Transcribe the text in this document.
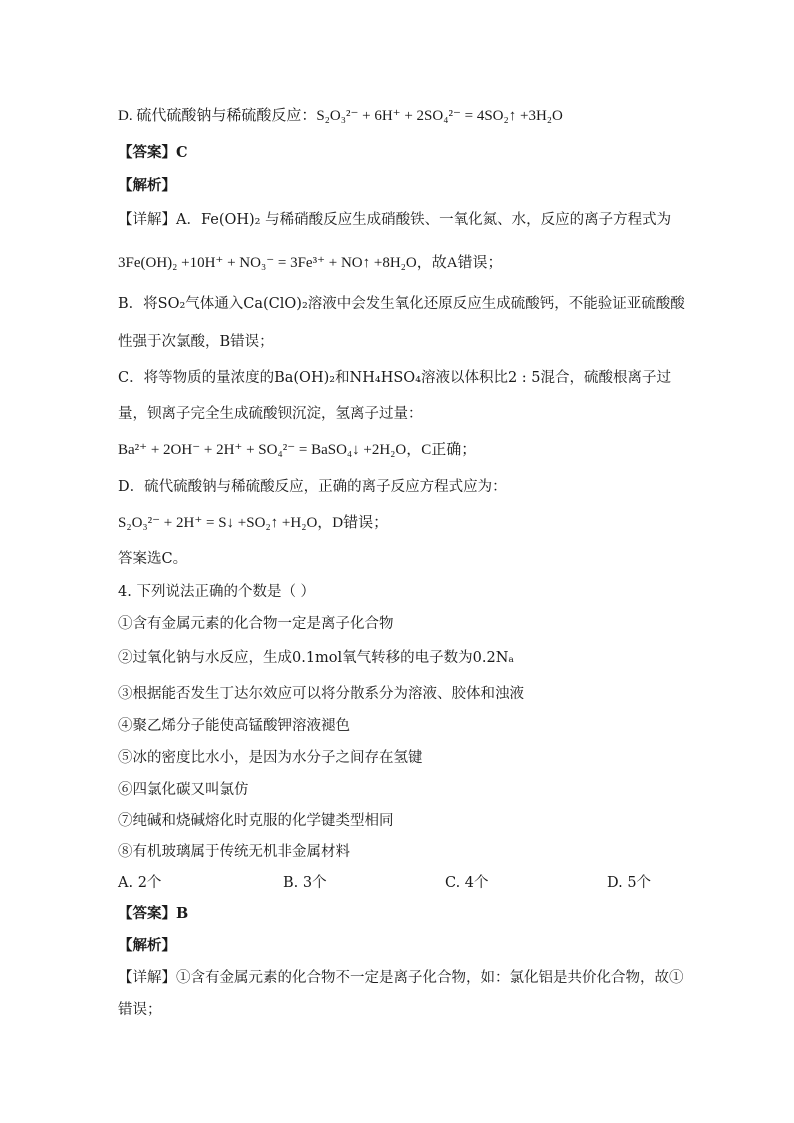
D. 硫代硫酸钠与稀硫酸反应：S₂O₃²⁻ + 6H⁺ + 2SO₄²⁻ = 4SO₂↑ +3H₂O
【答案】C
【解析】
【详解】A．Fe(OH)₂ 与稀硝酸反应生成硝酸铁、一氧化氮、水，反应的离子方程式为
3Fe(OH)₂ +10H⁺ + NO₃⁻ = 3Fe³⁺ + NO↑ +8H₂O，故A错误；
B．将SO₂气体通入Ca(ClO)₂溶液中会发生氧化还原反应生成硫酸钙，不能验证亚硫酸酸
性强于次氯酸，B错误；
C．将等物质的量浓度的Ba(OH)₂和NH₄HSO₄溶液以体积比2 : 5混合，硫酸根离子过
量，钡离子完全生成硫酸钡沉淀，氢离子过量：
Ba²⁺ + 2OH⁻ + 2H⁺ + SO₄²⁻ = BaSO₄↓ +2H₂O，C正确；
D．硫代硫酸钠与稀硫酸反应，正确的离子反应方程式应为：
S₂O₃²⁻ + 2H⁺ = S↓ +SO₂↑ +H₂O，D错误；
答案选C。
4. 下列说法正确的个数是（ ）
①含有金属元素的化合物一定是离子化合物
②过氧化钠与水反应，生成0.1mol氧气转移的电子数为0.2Nₐ
③根据能否发生丁达尔效应可以将分散系分为溶液、胶体和浊液
④聚乙烯分子能使高锰酸钾溶液褪色
⑤冰的密度比水小，是因为水分子之间存在氢键
⑥四氯化碳又叫氯仿
⑦纯碱和烧碱熔化时克服的化学键类型相同
⑧有机玻璃属于传统无机非金属材料
A. 2个	B. 3个	C. 4个	D. 5个
【答案】B
【解析】
【详解】①含有金属元素的化合物不一定是离子化合物，如：氯化铝是共价化合物，故①
错误；
